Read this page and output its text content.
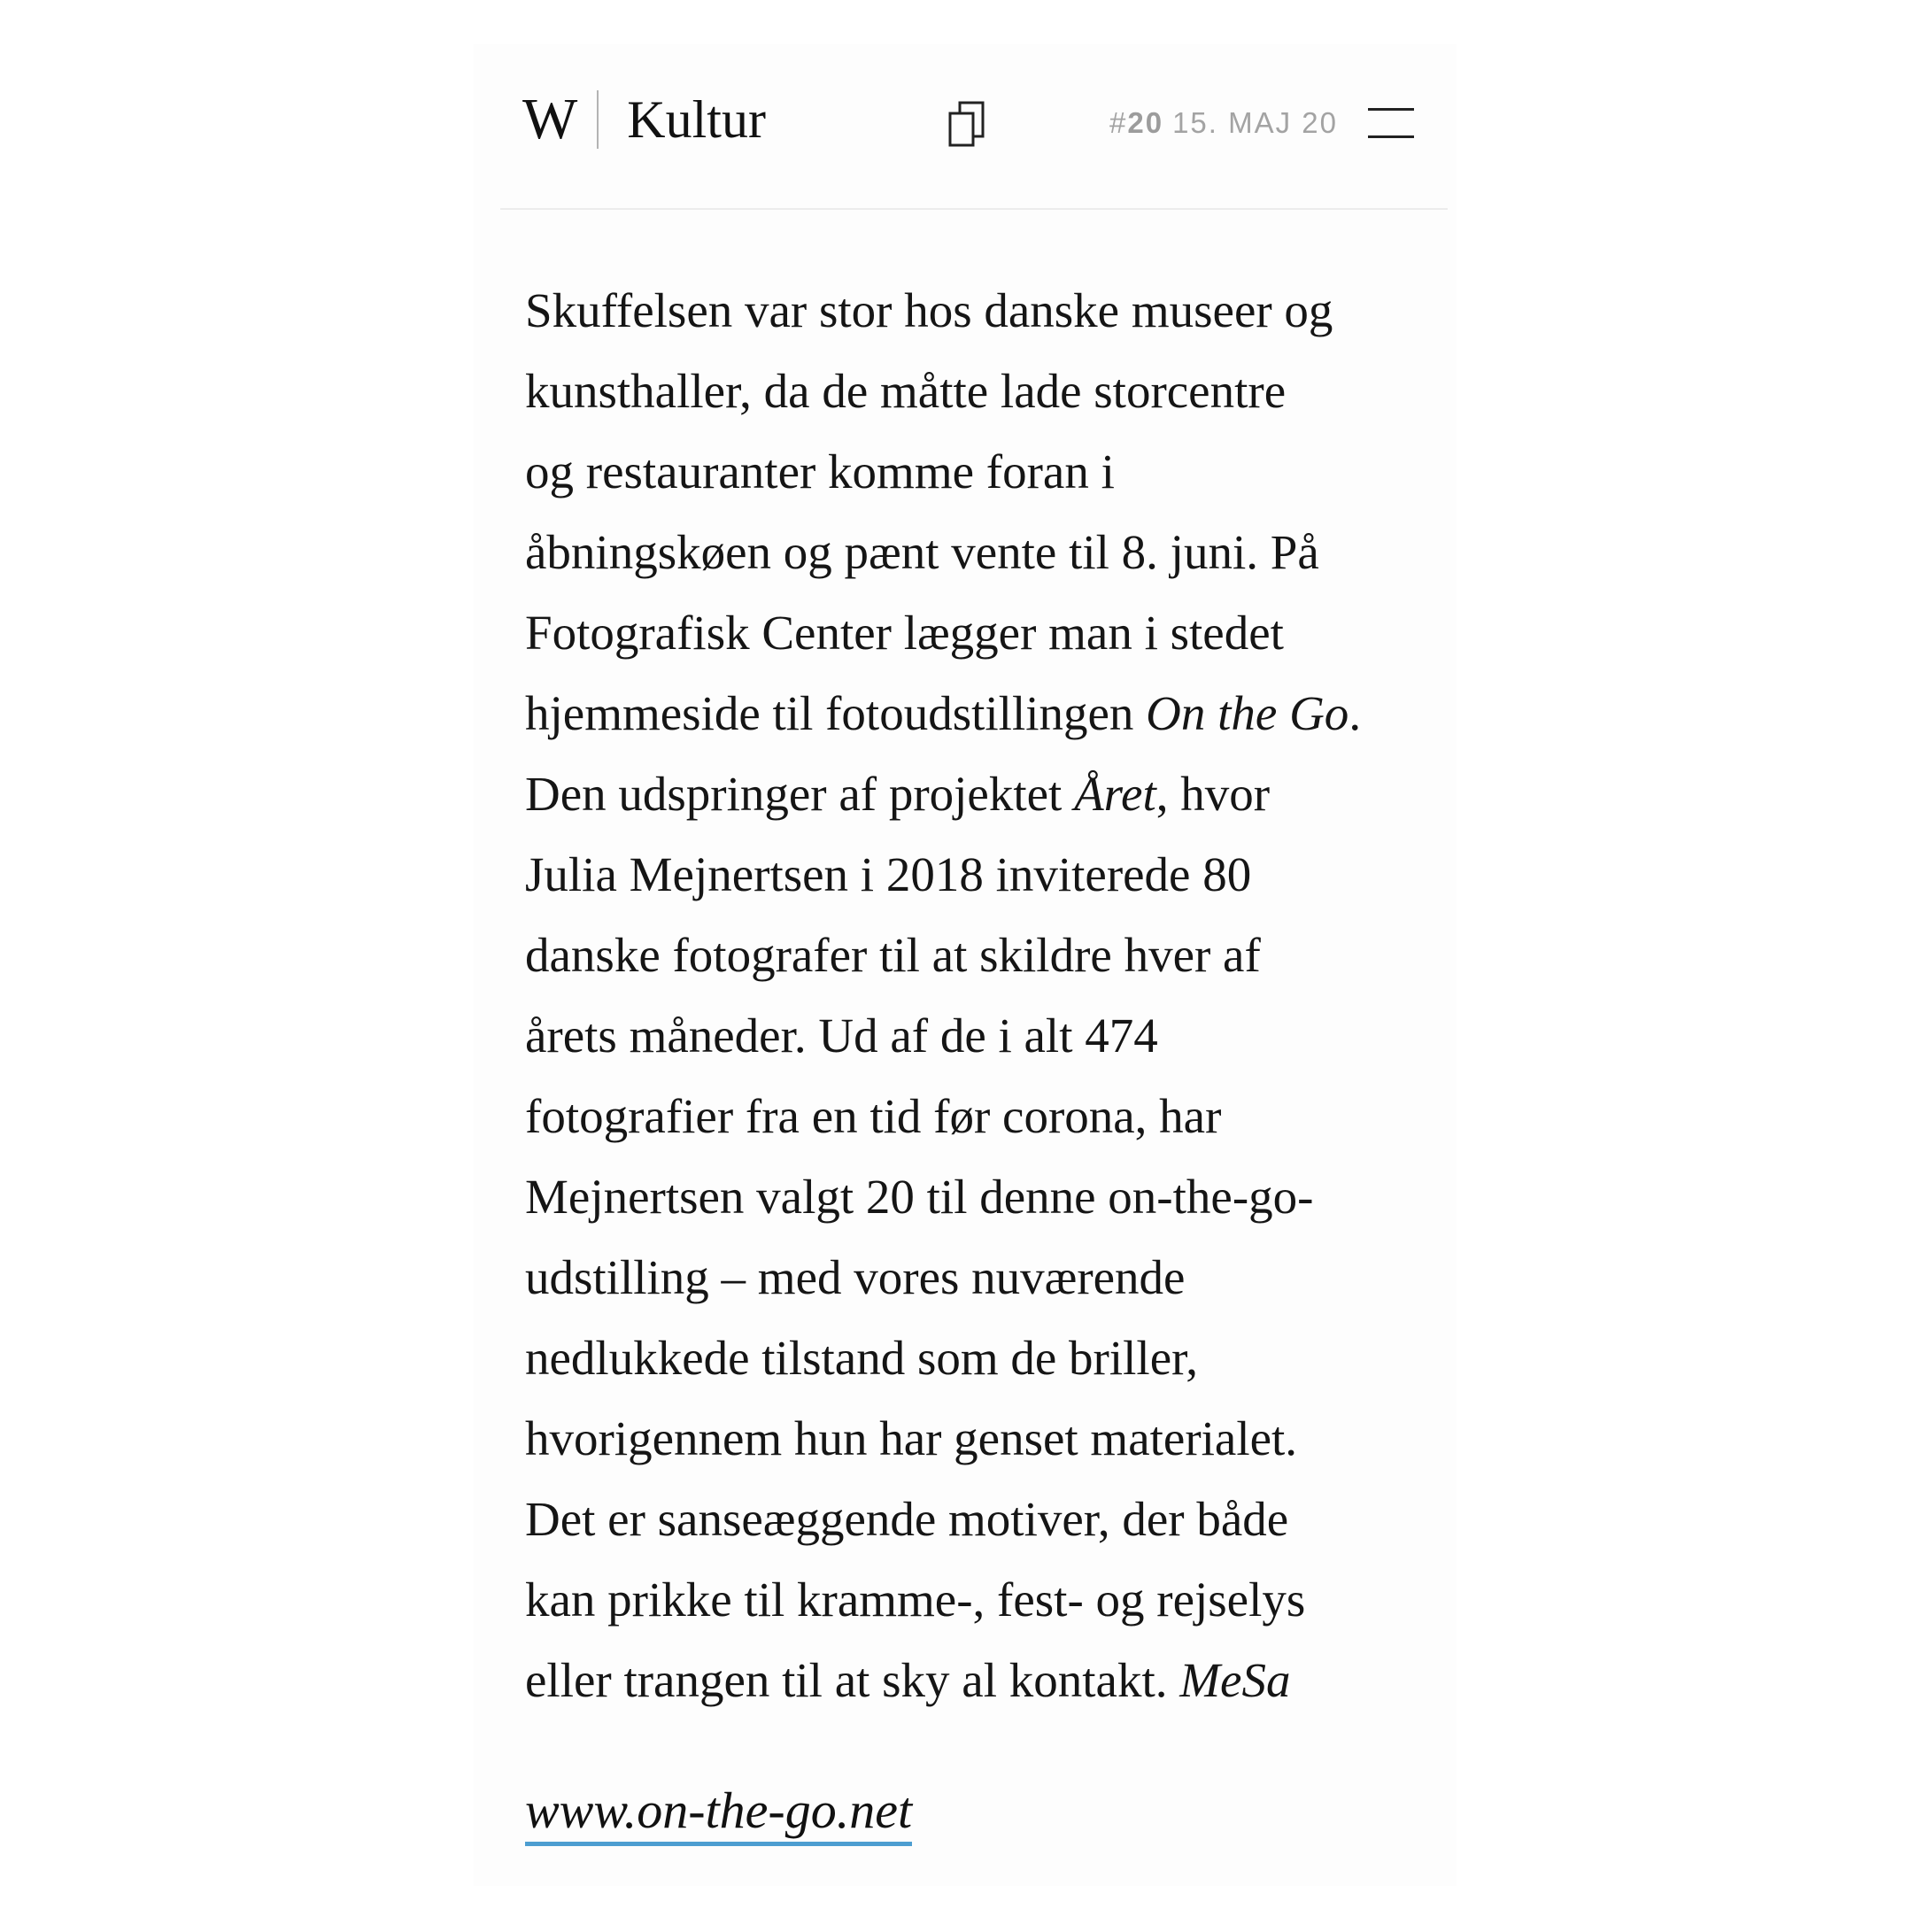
W Kultur	#20 15. MAJ 20
Skuffelsen var stor hos danske museer og
kunsthaller, da de måtte lade storcentre
og restauranter komme foran i
åbningskøen og pænt vente til 8. juni. På
Fotografisk Center lægger man i stedet
hjemmeside til fotoudstillingen On the Go.
Den udspringer af projektet Året, hvor
Julia Mejnertsen i 2018 inviterede 80
danske fotografer til at skildre hver af
årets måneder. Ud af de i alt 474
fotografier fra en tid før corona, har
Mejnertsen valgt 20 til denne on-the-go-
udstilling – med vores nuværende
nedlukkede tilstand som de briller,
hvorigennem hun har genset materialet.
Det er sanseæggende motiver, der både
kan prikke til kramme-, fest- og rejselys
eller trangen til at sky al kontakt. MeSa
www.on-the-go.net
